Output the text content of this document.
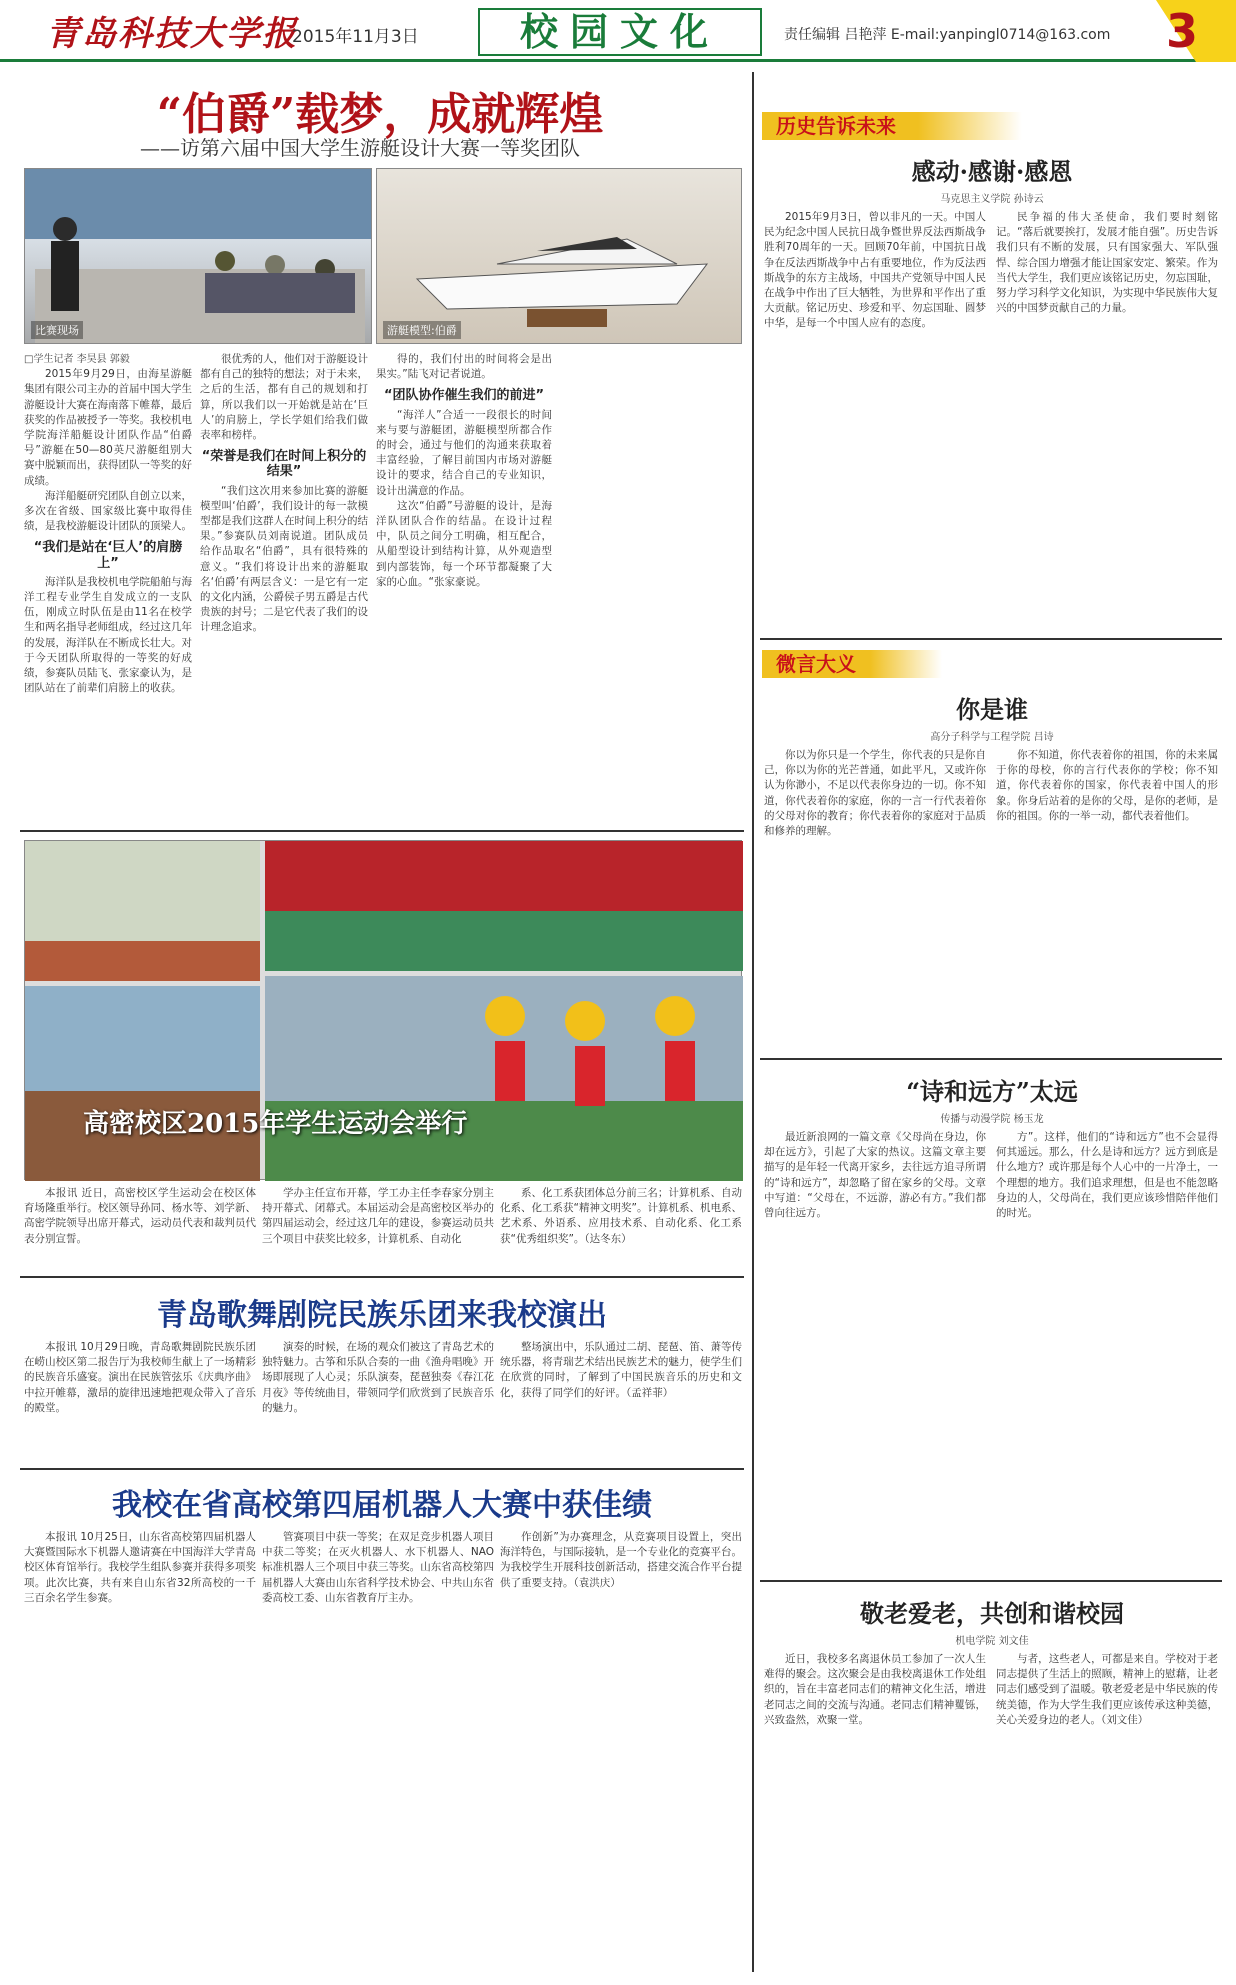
青岛科技大学报
2015年11月3日	校园文化	责任编辑 吕艳萍 E-mail:yanpingl0714@163.com 3
“伯爵”载梦，成就辉煌
——访第六届中国大学生游艇设计大赛一等奖团队
比赛现场	游艇模型:伯爵
□学生记者 李昊县 郭毅

2015年9月29日，由海星游艇集团有限公司主办的首届中国大学生游艇设计大赛在海南落下帷幕，最后获奖的作品被授予一等奖。我校机电学院海洋船艇设计团队作品“伯爵号”游艇在50—80英尺游艇组别大赛中脱颖而出，获得团队一等奖的好成绩。

海洋船艇研究团队自创立以来，多次在省级、国家级比赛中取得佳绩，是我校游艇设计团队的顶梁人。

“我们是站在‘巨人’的肩膀上”

海洋队是我校机电学院船舶与海洋工程专业学生自发成立的一支队伍，刚成立时队伍是由11名在校学生和两名指导老师组成，经过这几年的发展，海洋队在不断成长壮大。对于今天团队所取得的一等奖的好成绩，参赛队员陆飞、张家豪认为，是团队站在了前辈们肩膀上的收获。

很优秀的人，他们对于游艇设计都有自己的独特的想法；对于未来，之后的生活，都有自己的规划和打算，所以我们以一开始就是站在‘巨人’的肩膀上，学长学姐们给我们做表率和榜样。

“荣誉是我们在时间上积分的结果”

“我们这次用来参加比赛的游艇模型叫‘伯爵’，我们设计的每一款模型都是我们这群人在时间上积分的结果。”参赛队员刘南说道。团队成员给作品取名“伯爵”，具有很特殊的意义。“我们将设计出来的游艇取名‘伯爵’有两层含义：一是它有一定的文化内涵，公爵侯子男五爵是古代贵族的封号；二是它代表了我们的设计理念追求。

得的，我们付出的时间将会是出果实。”陆飞对记者说道。

“团队协作催生我们的前进”

“海洋人”合适一一段很长的时间来与要与游艇团，游艇模型所都合作的时会，通过与他们的沟通来获取着丰富经验，了解目前国内市场对游艇设计的要求，结合自己的专业知识，设计出满意的作品。

这次“伯爵”号游艇的设计，是海洋队团队合作的结晶。在设计过程中，队员之间分工明确，相互配合，从船型设计到结构计算，从外观造型到内部装饰，每一个环节都凝聚了大家的心血。“张家豪说。

高密校区2015年学生运动会举行

本报讯 近日，高密校区学生运动会在校区体育场隆重举行。校区领导孙同、杨水等、刘学新、高密学院领导出席开幕式，运动员代表和裁判员代表分别宣誓。

学办主任宣布开幕，学工办主任李春家分别主持开幕式、闭幕式。本届运动会是高密校区举办的第四届运动会，经过这几年的建设，参赛运动员共三个项目中获奖比较多，计算机系、自动化

系、化工系获团体总分前三名；计算机系、自动化系、化工系获“精神文明奖”。计算机系、机电系、艺术系、外语系、应用技术系、自动化系、化工系获“优秀组织奖”。（达冬东）

青岛歌舞剧院民族乐团来我校演出

本报讯 10月29日晚，青岛歌舞剧院民族乐团在崂山校区第二报告厅为我校师生献上了一场精彩的民族音乐盛宴。演出在民族管弦乐《庆典序曲》中拉开帷幕，激昂的旋律迅速地把观众带入了音乐的殿堂。

演奏的时候，在场的观众们被这了青岛艺术的独特魅力。古筝和乐队合奏的一曲《渔舟唱晚》开场即展现了人心灵；乐队演奏，琵琶独奏《春江花月夜》等传统曲目，带领同学们欣赏到了民族音乐的魅力。

整场演出中，乐队通过二胡、琵琶、笛、萧等传统乐器，将青瑞艺术结出民族艺术的魅力，使学生们在欣赏的同时，了解到了中国民族音乐的历史和文化，获得了同学们的好评。（孟祥菲）

我校在省高校第四届机器人大赛中获佳绩

本报讯 10月25日，山东省高校第四届机器人大赛暨国际水下机器人邀请赛在中国海洋大学青岛校区体育馆举行。我校学生组队参赛并获得多项奖项。此次比赛，共有来自山东省32所高校的一千三百余名学生参赛。

管赛项目中获一等奖；在双足竞步机器人项目中获二等奖；在灭火机器人、水下机器人、NAO标准机器人三个项目中获三等奖。山东省高校第四届机器人大赛由山东省科学技术协会、中共山东省委高校工委、山东省教育厅主办。

作创新”为办赛理念，从竞赛项目设置上，突出海洋特色，与国际接轨，是一个专业化的竞赛平台。为我校学生开展科技创新活动，搭建交流合作平台提供了重要支持。（袁洪庆）

历史告诉未来
感动·感谢·感恩
马克思主义学院 孙诗云

2015年9月3日，曾以非凡的一天。中国人民为纪念中国人民抗日战争暨世界反法西斯战争胜利70周年的一天。回顾70年前，中国抗日战争在反法西斯战争中占有重要地位，作为反法西斯战争的东方主战场，中国共产党领导中国人民在战争中作出了巨大牺牲，为世界和平作出了重大贡献。铭记历史、珍爱和平、勿忘国耻、圆梦中华，是每一个中国人应有的态度。

民争福的伟大圣使命，我们要时刻铭记。“落后就要挨打，发展才能自强”。历史告诉我们只有不断的发展，只有国家强大、军队强悍、综合国力增强才能让国家安定、繁荣。作为当代大学生，我们更应该铭记历史，勿忘国耻，努力学习科学文化知识，为实现中华民族伟大复兴的中国梦贡献自己的力量。

微言大义
你是谁
高分子科学与工程学院 吕诗

你以为你只是一个学生，你代表的只是你自己，你以为你的光芒普通，如此平凡，又或许你认为你渺小，不足以代表你身边的一切。你不知道，你代表着你的家庭，你的一言一行代表着你的父母对你的教育；你代表着你的家庭对于品质和修养的理解。

你不知道，你代表着你的祖国，你的未来属于你的母校，你的言行代表你的学校；你不知道，你代表着你的国家，你代表着中国人的形象。你身后站着的是你的父母，是你的老师，是你的祖国。你的一举一动，都代表着他们。

“诗和远方”太远
传播与动漫学院 杨玉龙

最近新浪网的一篇文章《父母尚在身边，你却在远方》，引起了大家的热议。这篇文章主要描写的是年轻一代离开家乡，去往远方追寻所谓的“诗和远方”，却忽略了留在家乡的父母。文章中写道：“父母在，不远游，游必有方。”我们都曾向往远方。

方”。这样，他们的“诗和远方”也不会显得何其遥远。那么，什么是诗和远方？远方到底是什么地方？或许那是每个人心中的一片净土，一个理想的地方。我们追求理想，但是也不能忽略身边的人，父母尚在，我们更应该珍惜陪伴他们的时光。

敬老爱老，共创和谐校园
机电学院 刘文佳

近日，我校多名离退休员工参加了一次人生难得的聚会。这次聚会是由我校离退休工作处组织的，旨在丰富老同志们的精神文化生活，增进老同志之间的交流与沟通。老同志们精神矍铄，兴致盎然，欢聚一堂。

与者，这些老人，可都是来自。学校对于老同志提供了生活上的照顾，精神上的慰藉，让老同志们感受到了温暖。敬老爱老是中华民族的传统美德，作为大学生我们更应该传承这种美德，关心关爱身边的老人。（刘文佳）
